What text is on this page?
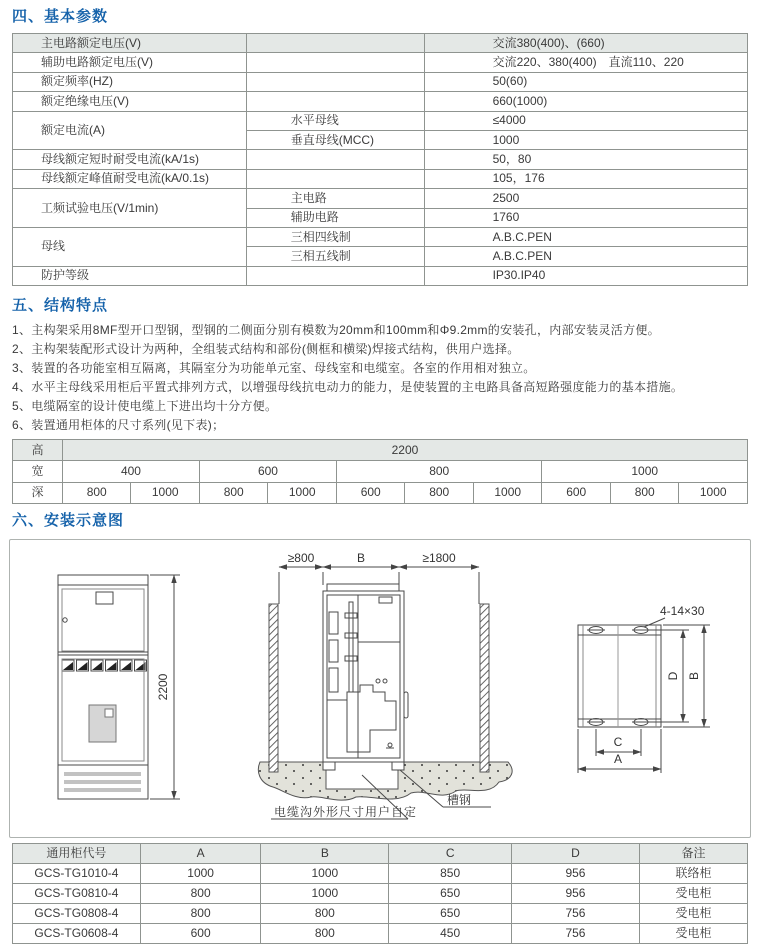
四、基本参数
主电路额定电压(V)		交流380(400)、(660)
辅助电路额定电压(V)		交流220、380(400)　直流110、220
额定频率(HZ)		50(60)
额定绝缘电压(V)		660(1000)
额定电流(A)	水平母线	≤4000
	垂直母线(MCC)	1000
母线额定短时耐受电流(kA/1s)		50，80
母线额定峰值耐受电流(kA/0.1s)		105，176
工频试验电压(V/1min)	主电路	2500
	辅助电路	1760
母线	三相四线制	A.B.C.PEN
	三相五线制	A.B.C.PEN
防护等级		IP30.IP40
五、结构特点

1、主构架采用8MF型开口型钢，型钢的二侧面分别有模数为20mm和100mm和Φ9.2mm的安装孔，内部安装灵活方便。

2、主构架装配形式设计为两种，全组装式结构和部份(侧框和横梁)焊接式结构，供用户选择。

3、装置的各功能室相互隔离，其隔室分为功能单元室、母线室和电缆室。各室的作用相对独立。

4、水平主母线采用柜后平置式排列方式，以增强母线抗电动力的能力，是使装置的主电路具备高短路强度能力的基本措施。

5、电缆隔室的设计使电缆上下进出均十分方便。

6、装置通用柜体的尺寸系列(见下表)；

高	2200									
宽	400		600		800			1000		
深	800	1000	800	1000	600	800	1000	600	800	1000
六、安装示意图
2200
≥800	B	≥1800
槽钢
电缆沟外形尺寸用户自定
4-14×30
D B
C
A
通用柜代号	A	B	C	D	备注
GCS-TG1010-4	1000	1000	850	956	联络柜
GCS-TG0810-4	800	1000	650	956	受电柜
GCS-TG0808-4	800	800	650	756	受电柜
GCS-TG0608-4	600	800	450	756	受电柜
